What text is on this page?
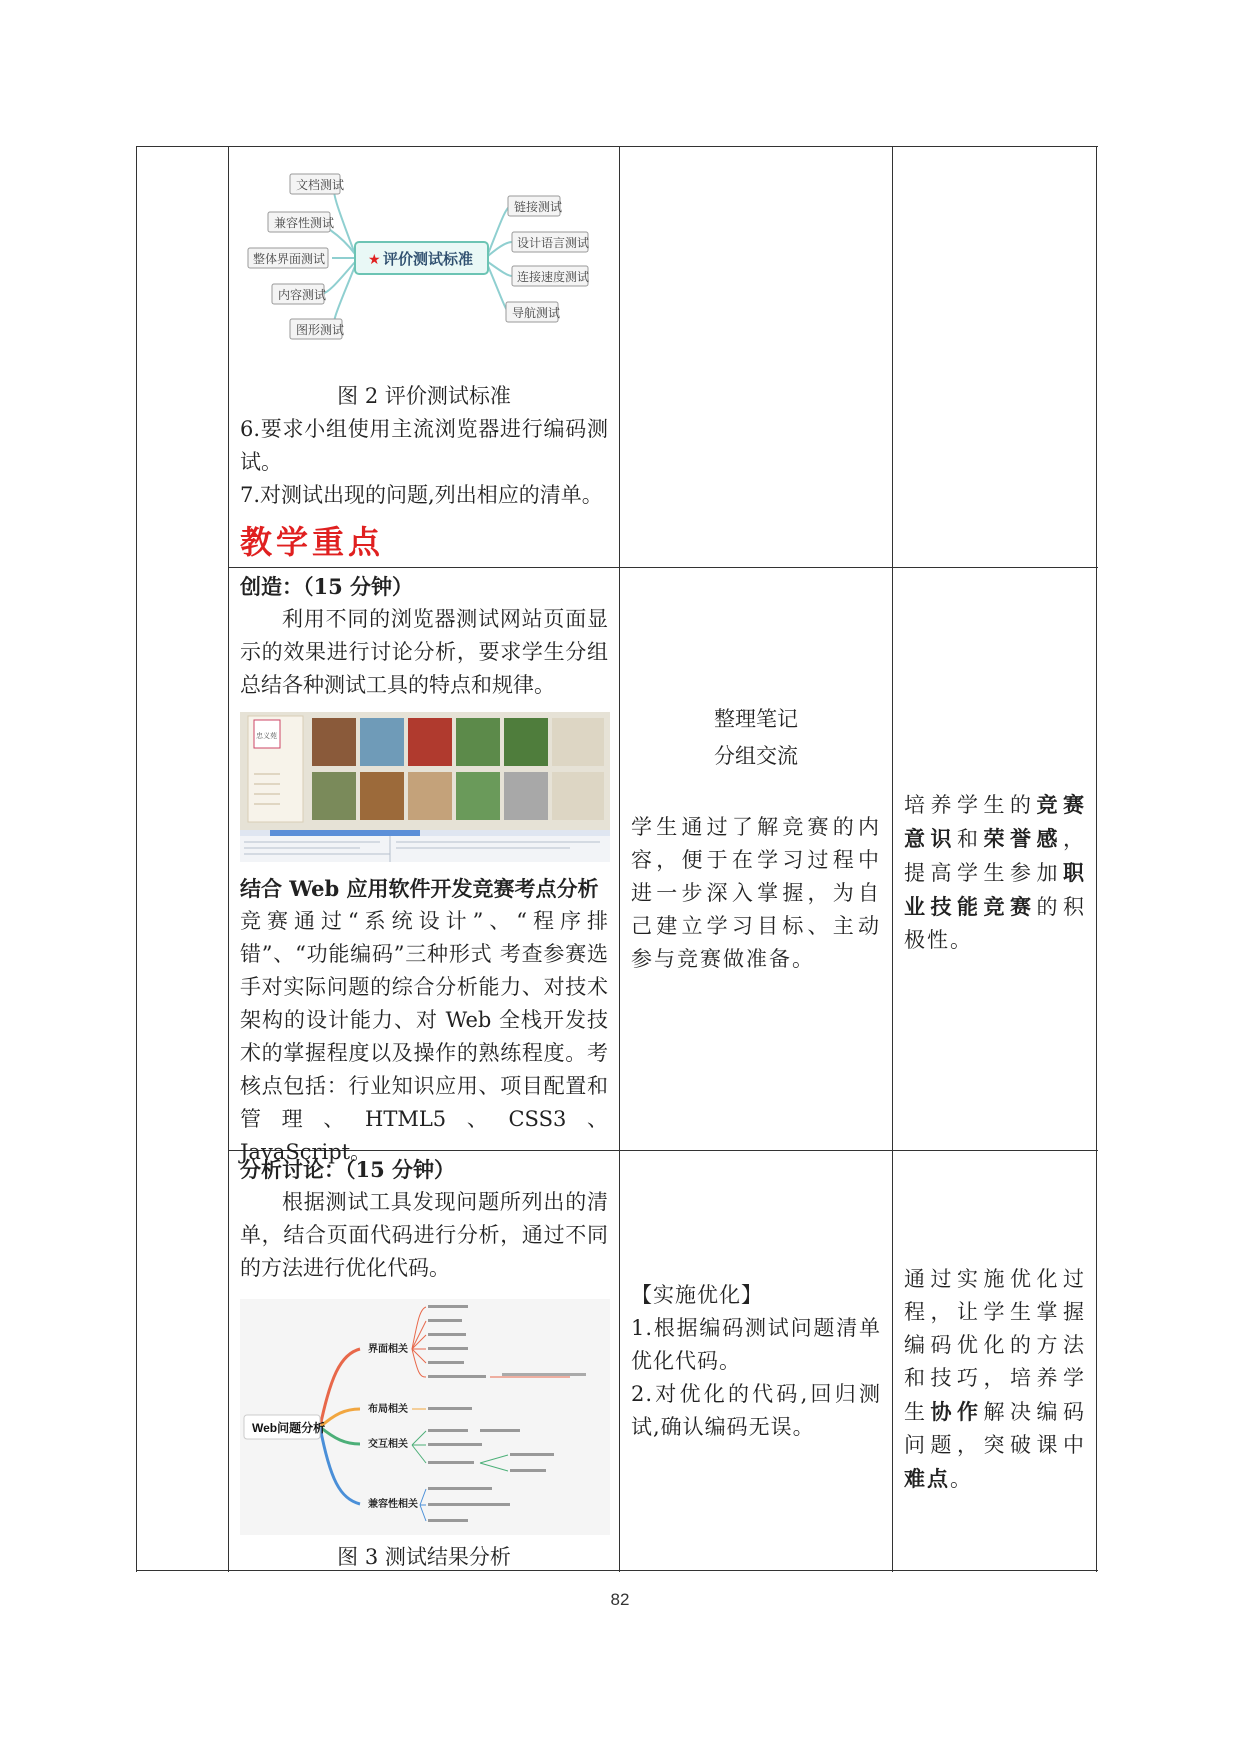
★ 评价测试标准
文档测试
兼容性测试
整体界面测试
内容测试
图形测试
链接测试
设计语言测试
连接速度测试
导航测试

图 2 评价测试标准

6.要求小组使用主流浏览器进行编码测试。

7.对测试出现的问题,列出相应的清单。

教学重点

创造：（15 分钟）

利用不同的浏览器测试网站页面显示的效果进行讨论分析，要求学生分组总结各种测试工具的特点和规律。

忠义苑

结合 Web 应用软件开发竞赛考点分析

竞赛通过“系统设计”、“程序排错”、“功能编码”三种形式 考查参赛选手对实际问题的综合分析能力、对技术架构的设计能力、对 Web 全栈开发技术的掌握程度以及操作的熟练程度。考核点包括：行业知识应用、项目配置和管理、HTML5、CSS3、JavaScript。

整理笔记

分组交流

学生通过了解竞赛的内容，便于在学习过程中进一步深入掌握，为自己建立学习目标、主动参与竞赛做准备。

培养学生的竞赛意识和荣誉感，提高学生参加职业技能竞赛的积极性。

分析讨论：（15 分钟）

根据测试工具发现问题所列出的清单，结合页面代码进行分析，通过不同的方法进行优化代码。

Web问题分析
界面相关
布局相关
交互相关
兼容性相关

图 3 测试结果分析

【实施优化】

1.根据编码测试问题清单优化代码。

2.对优化的代码,回归测试,确认编码无误。

通过实施优化过程，让学生掌握编码优化的方法和技巧，培养学生协作解决编码问题，突破课中难点。

82
